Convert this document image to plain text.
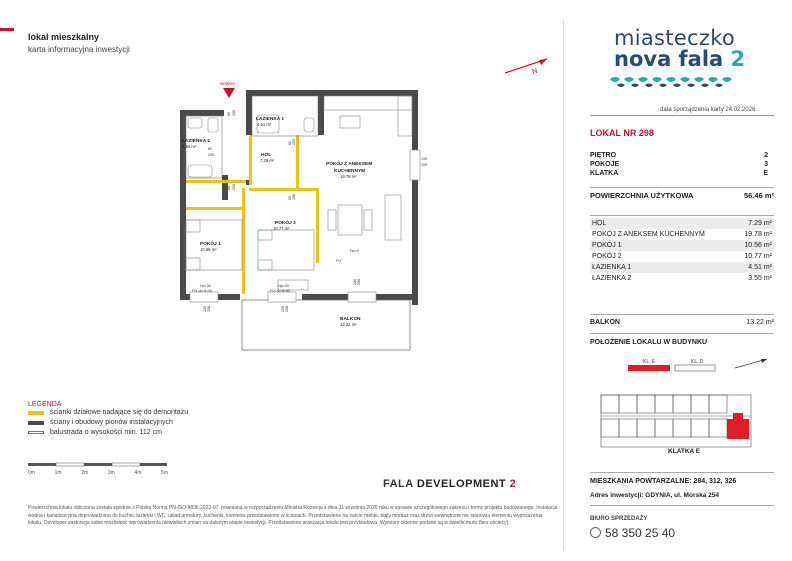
lokal mieszkalny
karta informacyjna inwestycji
N
miasteczko
nova fala 2
data sporządzenia karty 24.02.2026
LOKAL NR 298
PIĘTRO	2
POKOJE	3
KLATKA	E
POWIERZCHNIA UŻYTKOWA	56.46 m²
HOL	7.29 m²
POKÓJ Z ANEKSEM KUCHENNYM	19.78 m²
POKÓJ 1	10.56 m²
POKÓJ 2	10.77 m²
ŁAZIENKA 1	4.51 m²
ŁAZIENKA 2	3.55 m²
BALKON	13.22 m²
POŁOŻENIE LOKALU W BUDYNKU
KL. E	KL. D
KLATKA E
MIESZKANIA POWTARZALNE: 284, 312, 326
Adres inwestycji: GDYNIA, ul. Morska 254
BIURO SPRZEDAŻY
58 350 25 40
LEGENDA
ścianki działowe nadające się do demontażu
ściany i obudowy pionów instalacyjnych
balustrada o wysokości min. 112 cm
0m	1m	2m	3m	4m	5m
FALA DEVELOPMENT 2
Powierzchnia lokalu obliczona została zgodnie z Polską Normą PN-ISO 9836:2022-07, powołaną w rozporządzeniu Ministra Rozwoju z dnia 11 września 2020 roku w sprawie szczegółowego zakresu i formy projektu budowlanego. Instalacja wodna i kanalizacyjna doprowadzona do kuchni, łazienki i WC, układ armatury, kuchenki, kominów przedstawiono w ścianach. Przedstawione na karcie meble, bialy montaż oraz drzwi wewnętrzne nie stanowią elementu wyposażenia lokalu. Developer zastrzega sobie możliwość wprowadzenia niewielkich zmian na dalszym etapie inwestycji. Przedstawiona aranżacja lokalu jest przykładowa. Wymiary okienne podane są w świetle muru (bez ościeży).
wejście
ŁAZIENKA 2
ŁAZIENKA 1
HOL
POKÓJ Z ANEKSEM
KUCHENNYM
POKÓJ 2
POKÓJ 1
BALKON
3.55 m²
4.51 m²
7.29 m²
19.78 m²
10.77 m²
10.56 m²
13.22 m²
90 200
80
200
80 200
80 200
80 200
135
206
135 208	135 208
236 208
FIX
Hp=0
FIX do H=90
Hp=30
FIX do H=90
Hp=30
